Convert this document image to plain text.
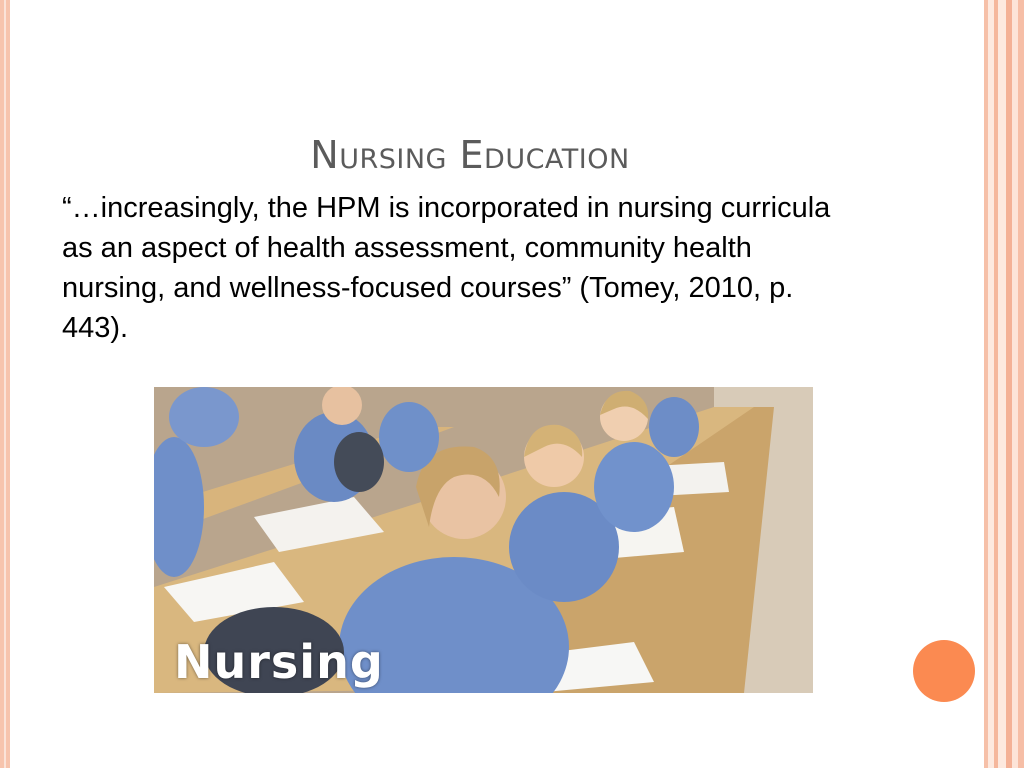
Nursing Education

“…increasingly, the HPM is incorporated in nursing curricula as an aspect of health assessment, community health nursing, and wellness-focused courses” (Tomey, 2010, p. 443).

Nursing
